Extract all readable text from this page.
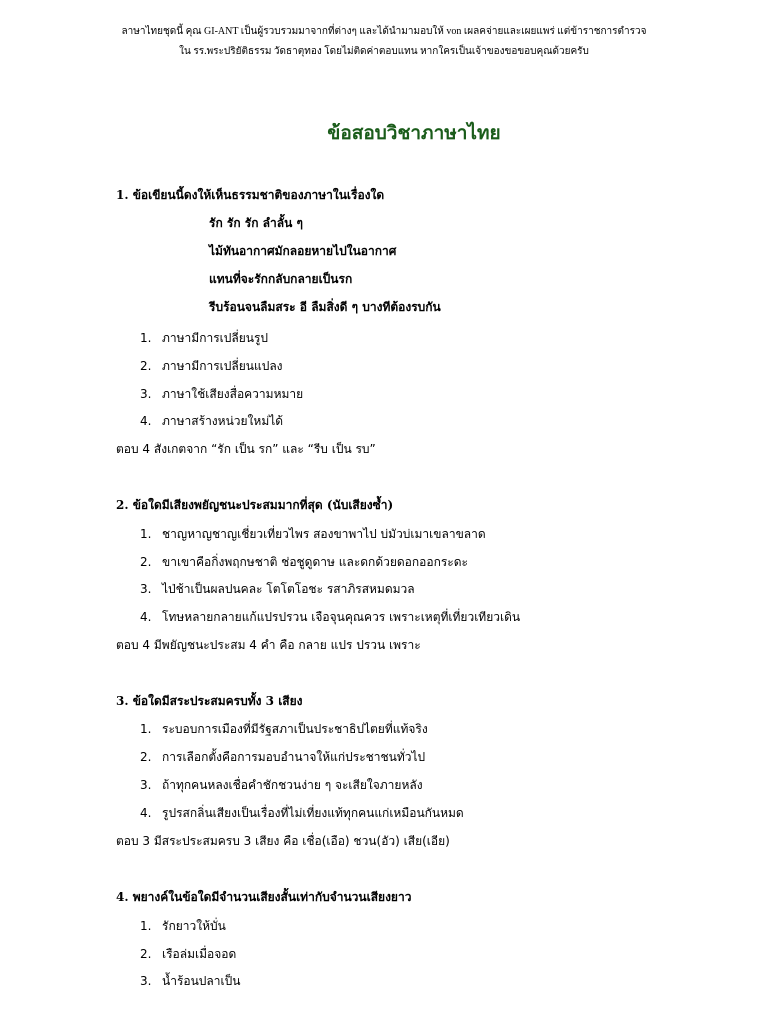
ลาษาไทยชุดนี้ คุณ GI-ANT เป็นผู้รวบรวมมาจากที่ต่างๆ และได้นำมามอบให้ von เผลคจ่ายและเผยแพร่ แต่ข้าราชการตำรวจ
ใน รร.พระปริยัติธรรม วัดธาตุทอง โดยไม่ติดค่าตอบแทน หากใครเป็นเจ้าของขอขอบคุณด้วยครับ
ข้อสอบวิชาภาษาไทย
1. ข้อเขียนนี้ดงให้เห็นธรรมชาติของภาษาในเรื่องใด
รัก รัก รัก ลำลั้น ๆ
ไม้ทันอากาศมักลอยหายไปในอากาศ
แทนที่จะรักกลับกลายเป็นรก
รีบร้อนจนลืมสระ อี ลืมสิ่งดี ๆ บางทีต้องรบกัน
1. ภาษามีการเปลี่ยนรูป
2. ภาษามีการเปลี่ยนแปลง
3. ภาษาใช้เสียงสื่อความหมาย
4. ภาษาสร้างหน่วยใหม่ได้
ตอบ 4 สังเกตจาก “รัก เป็น รก” และ “รีบ เป็น รบ”
2. ข้อใดมีเสียงพยัญชนะประสมมากที่สุด (นับเสียงซ้ำ)
1. ชาญหาญชาญเชี่ยวเที่ยวไพร สองขาพาไป บ่มัวบ่เมาเขลาขลาด
2. ขาเขาคือกิ่งพฤกษชาติ ช่อชูดูดาษ และดกด้วยดอกออกระดะ
3. ไป่ช้าเป็นผลปนคละ โตโตโอชะ รสาภิรสหมดมวล
4. โทษหลายกลายแก้แปรปรวน เจือจุนคุณควร เพราะเหตุที่เที่ยวเทียวเดิน
ตอบ 4 มีพยัญชนะประสม 4 คำ คือ กลาย แปร ปรวน เพราะ
3. ข้อใดมีสระประสมครบทั้ง 3 เสียง
1. ระบอบการเมืองที่มีรัฐสภาเป็นประชาธิปไตยที่แท้จริง
2. การเลือกตั้งคือการมอบอำนาจให้แก่ประชาชนทั่วไป
3. ถ้าทุกคนหลงเชื่อคำชักชวนง่าย ๆ จะเสียใจภายหลัง
4. รูปรสกลิ่นเสียงเป็นเรื่องที่ไม่เที่ยงแท้ทุกคนแก่เหมือนกันหมด
ตอบ 3 มีสระประสมครบ 3 เสียง คือ เชื่อ(เอือ) ชวน(อัว) เสีย(เอีย)
4. พยางค์ในข้อใดมีจำนวนเสียงสั้นเท่ากับจำนวนเสียงยาว
1. รักยาวให้บั่น
2. เรือล่มเมื่อจอด
3. น้ำร้อนปลาเป็น
